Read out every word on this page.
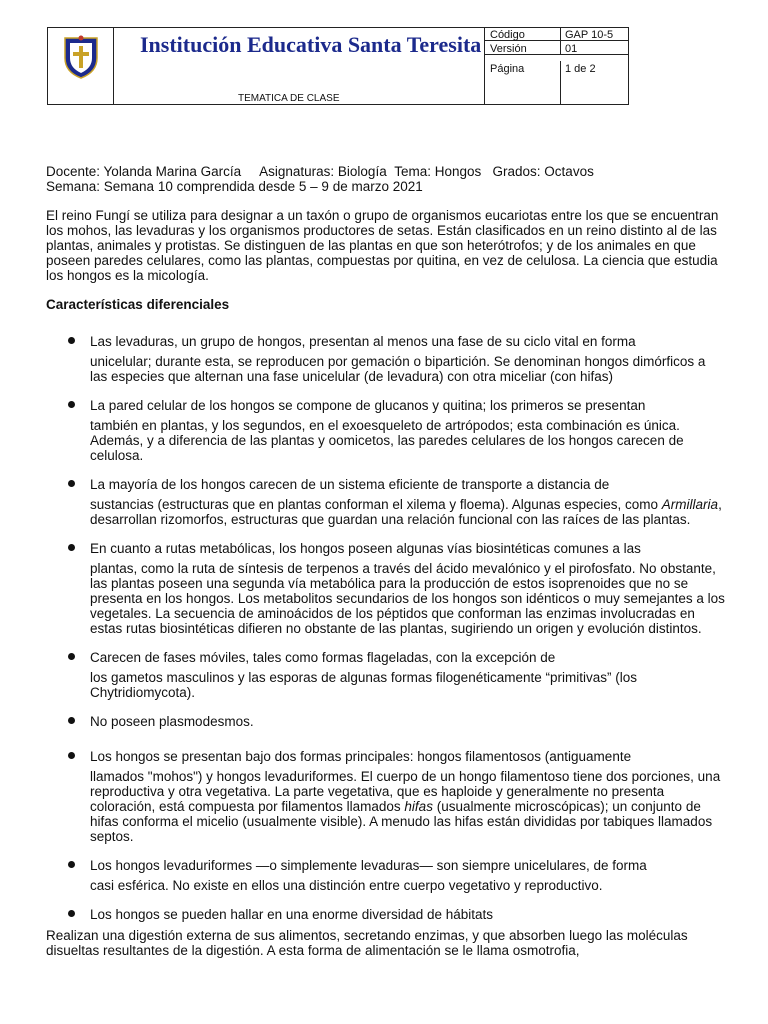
Institución Educativa Santa Teresita
TEMATICA DE CLASE
Código	GAP 10-5
Versión	01
Página	1 de 2

Docente: Yolanda Marina García Asignaturas: Biología Tema: Hongos Grados: Octavos

Semana: Semana 10 comprendida desde 5 – 9 de marzo 2021

El reino Fungí se utiliza para designar a un taxón o grupo de organismos eucariotas entre los que se encuentran los mohos, las levaduras y los organismos productores de setas. Están clasificados en un reino distinto al de las plantas, animales y protistas. Se distinguen de las plantas en que son heterótrofos; y de los animales en que poseen paredes celulares, como las plantas, compuestas por quitina, en vez de celulosa. La ciencia que estudia los hongos es la micología.

Características diferenciales

Las levaduras, un grupo de hongos, presentan al menos una fase de su ciclo vital en forma
unicelular; durante esta, se reproducen por gemación o bipartición. Se denominan hongos dimórficos a las especies que alternan una fase unicelular (de levadura) con otra miceliar (con hifas)
La pared celular de los hongos se compone de glucanos y quitina; los primeros se presentan
también en plantas, y los segundos, en el exoesqueleto de artrópodos; esta combinación es única. Además, y a diferencia de las plantas y oomicetos, las paredes celulares de los hongos carecen de celulosa.
La mayoría de los hongos carecen de un sistema eficiente de transporte a distancia de
sustancias (estructuras que en plantas conforman el xilema y floema). Algunas especies, como Armillaria, desarrollan rizomorfos, estructuras que guardan una relación funcional con las raíces de las plantas.
En cuanto a rutas metabólicas, los hongos poseen algunas vías biosintéticas comunes a las
plantas, como la ruta de síntesis de terpenos a través del ácido mevalónico y el pirofosfato. No obstante, las plantas poseen una segunda vía metabólica para la producción de estos isoprenoides que no se presenta en los hongos. Los metabolitos secundarios de los hongos son idénticos o muy semejantes a los vegetales. La secuencia de aminoácidos de los péptidos que conforman las enzimas involucradas en estas rutas biosintéticas difieren no obstante de las plantas, sugiriendo un origen y evolución distintos.
Carecen de fases móviles, tales como formas flageladas, con la excepción de
los gametos masculinos y las esporas de algunas formas filogenéticamente “primitivas” (los Chytridiomycota).
No poseen plasmodesmos.
Los hongos se presentan bajo dos formas principales: hongos filamentosos (antiguamente
llamados "mohos") y hongos levaduriformes. El cuerpo de un hongo filamentoso tiene dos porciones, una reproductiva y otra vegetativa. La parte vegetativa, que es haploide y generalmente no presenta coloración, está compuesta por filamentos llamados hifas (usualmente microscópicas); un conjunto de hifas conforma el micelio (usualmente visible). A menudo las hifas están divididas por tabiques llamados septos.
Los hongos levaduriformes —o simplemente levaduras— son siempre unicelulares, de forma
casi esférica. No existe en ellos una distinción entre cuerpo vegetativo y reproductivo.
Los hongos se pueden hallar en una enorme diversidad de hábitats

Realizan una digestión externa de sus alimentos, secretando enzimas, y que absorben luego las moléculas disueltas resultantes de la digestión. A esta forma de alimentación se le llama osmotrofia,
